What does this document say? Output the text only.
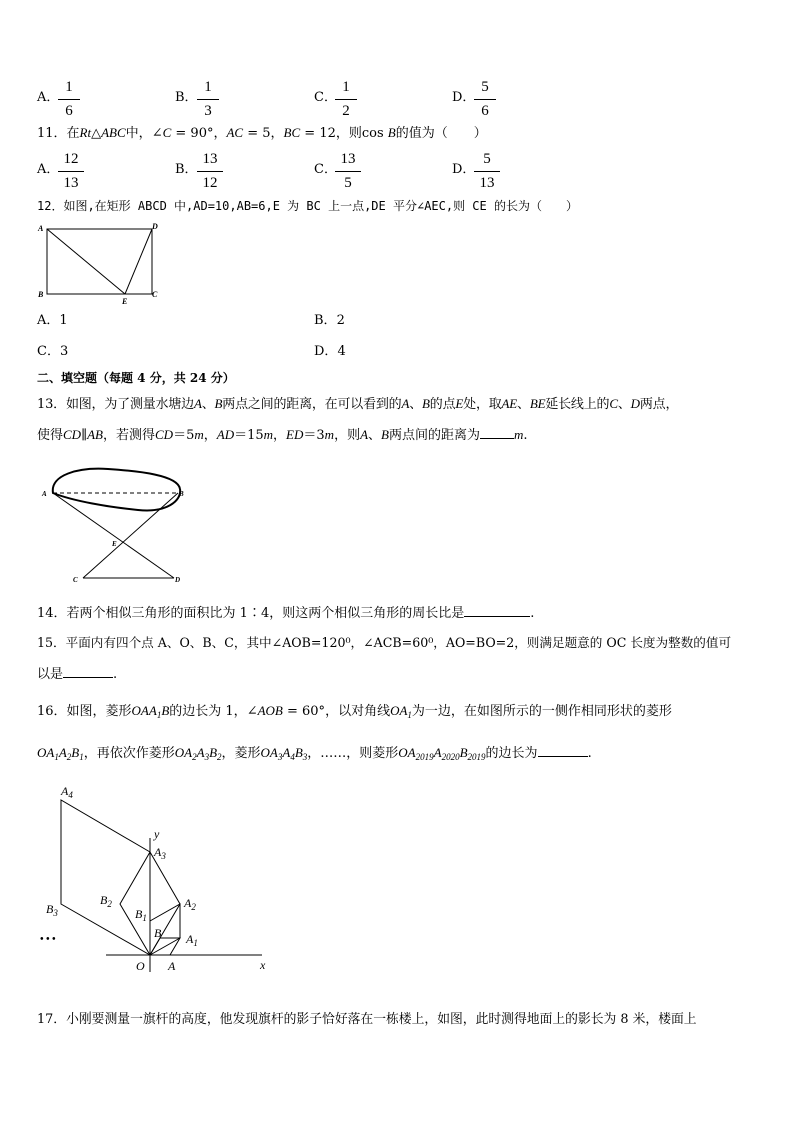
A．
1
6
B．
1
3
C．
1
2
D．
5
6
11．在Rt△ABC中，∠C = 90°，AC = 5，BC = 12，则cos B的值为（　　）
A．
12
13
B．
13
12
C．
13
5
D．
5
13
12．如图,在矩形 ABCD 中,AD=10,AB=6,E 为 BC 上一点,DE 平分∠AEC,则 CE 的长为（　　）
A	D
B
E
C
A．1	B．2
C．3	D．4
二、填空题（每题 4 分，共 24 分）
13．如图，为了测量水塘边A、B两点之间的距离，在可以看到的A、B的点E处，取AE、BE延长线上的C、D两点，
使得CD∥AB，若测得CD＝5m，AD＝15m，ED＝3m，则A、B两点间的距离为	m.
A	B
E
C	D
14．若两个相似三角形的面积比为 1∶4，则这两个相似三角形的周长比是	.
15．平面内有四个点 A、O、B、C，其中∠AOB=120⁰，∠ACB=60⁰，AO=BO=2，则满足题意的 OC 长度为整数的值可
以是	.
16．如图，菱形$OAA_1B$的边长为 1，∠AOB = 60°，以对角线$OA_1$为一边，在如图所示的一侧作相同形状的菱形
$OA_1A_2B_1$，再依次作菱形$OA_2A_3B_2$，菱形$OA_3A_4B_3$，……，则菱形$OA_{2019}A_{2020}B_{2019}$的边长为	.
$A_4$
y
$A_3$
$B_2$	$A_2$
$B_3$	$B_1$
B $A_1$
• • •
O A	x
17．小刚要测量一旗杆的高度，他发现旗杆的影子恰好落在一栋楼上，如图，此时测得地面上的影长为 8 米，楼面上
